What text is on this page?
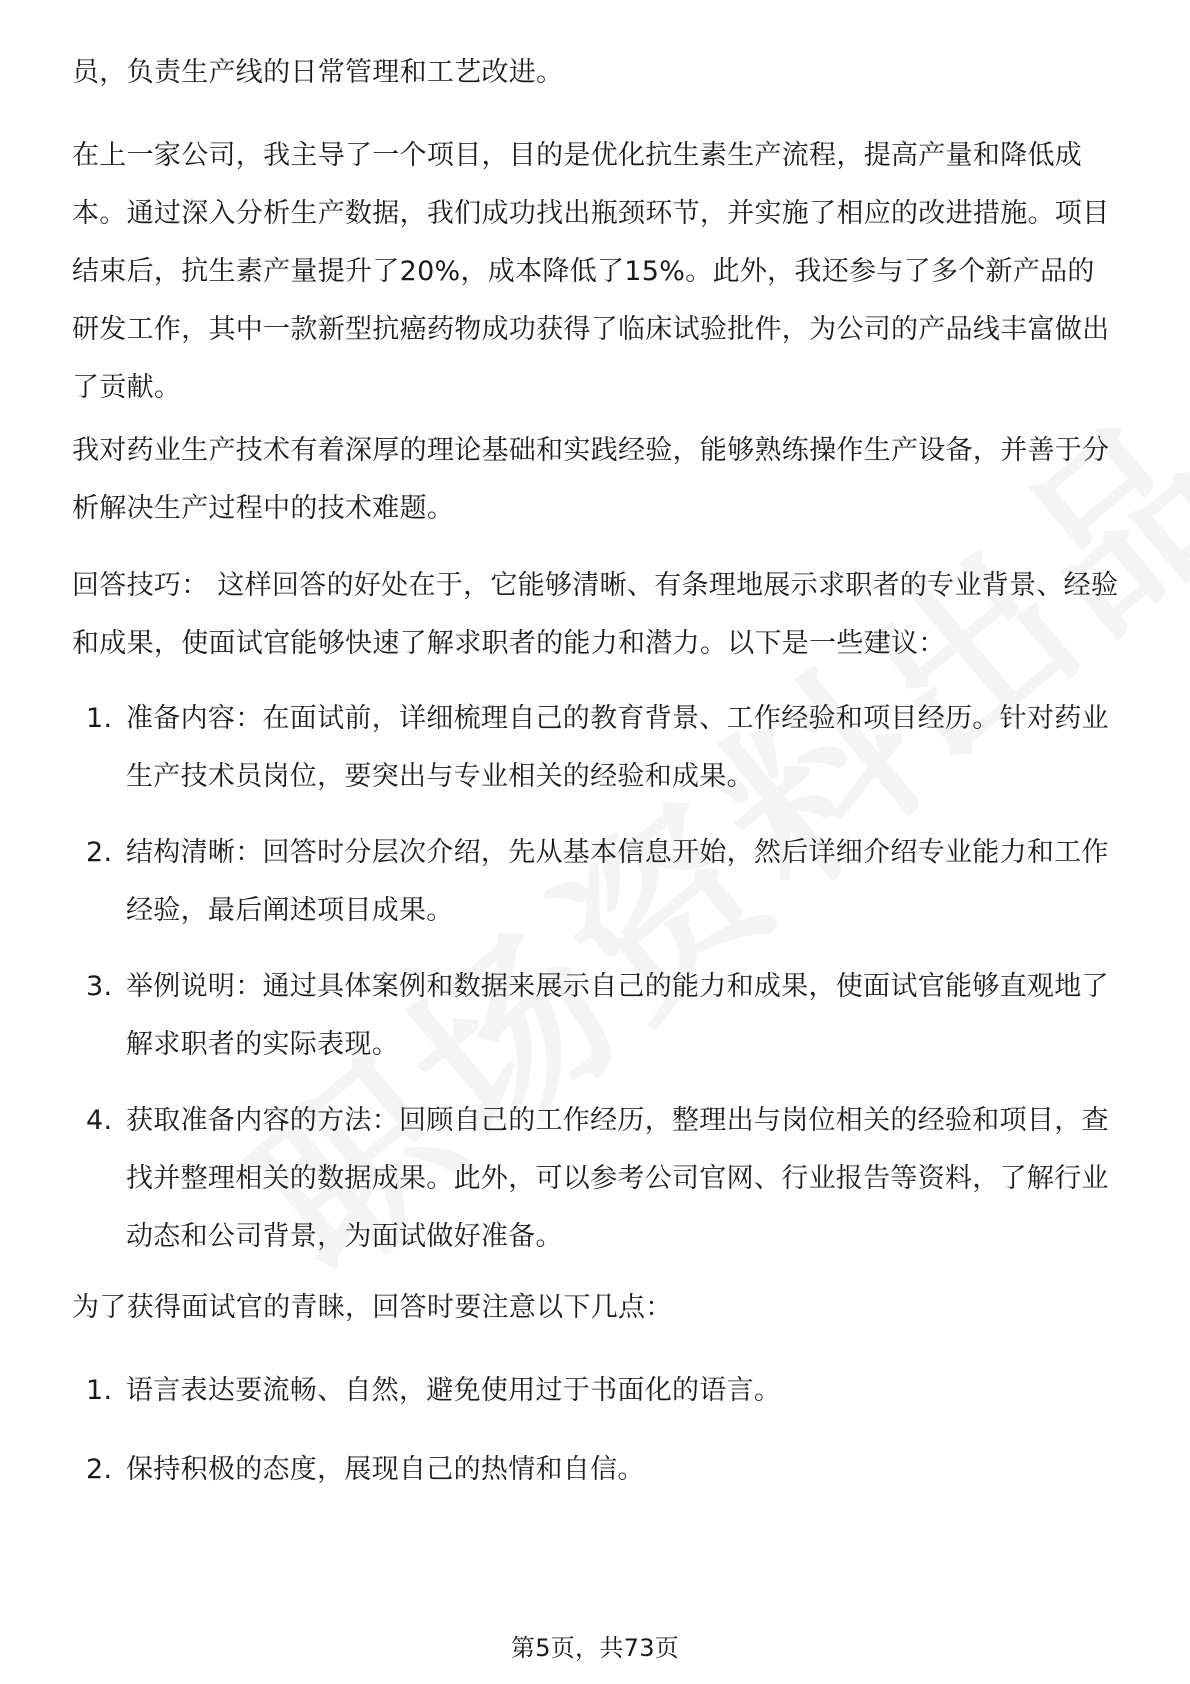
员，负责生产线的日常管理和工艺改进。

在上一家公司，我主导了一个项目，目的是优化抗生素生产流程，提高产量和降低成本。通过深入分析生产数据，我们成功找出瓶颈环节，并实施了相应的改进措施。项目结束后，抗生素产量提升了20%，成本降低了15%。此外，我还参与了多个新产品的研发工作，其中一款新型抗癌药物成功获得了临床试验批件，为公司的产品线丰富做出了贡献。

我对药业生产技术有着深厚的理论基础和实践经验，能够熟练操作生产设备，并善于分析解决生产过程中的技术难题。

回答技巧： 这样回答的好处在于，它能够清晰、有条理地展示求职者的专业背景、经验和成果，使面试官能够快速了解求职者的能力和潜力。以下是一些建议：

1. 准备内容：在面试前，详细梳理自己的教育背景、工作经验和项目经历。针对药业生产技术员岗位，要突出与专业相关的经验和成果。
2. 结构清晰：回答时分层次介绍，先从基本信息开始，然后详细介绍专业能力和工作经验，最后阐述项目成果。
3. 举例说明：通过具体案例和数据来展示自己的能力和成果，使面试官能够直观地了解求职者的实际表现。
4. 获取准备内容的方法：回顾自己的工作经历，整理出与岗位相关的经验和项目，查找并整理相关的数据成果。此外，可以参考公司官网、行业报告等资料，了解行业动态和公司背景，为面试做好准备。

为了获得面试官的青睐，回答时要注意以下几点：

1. 语言表达要流畅、自然，避免使用过于书面化的语言。
2. 保持积极的态度，展现自己的热情和自信。
第5页，共73页
